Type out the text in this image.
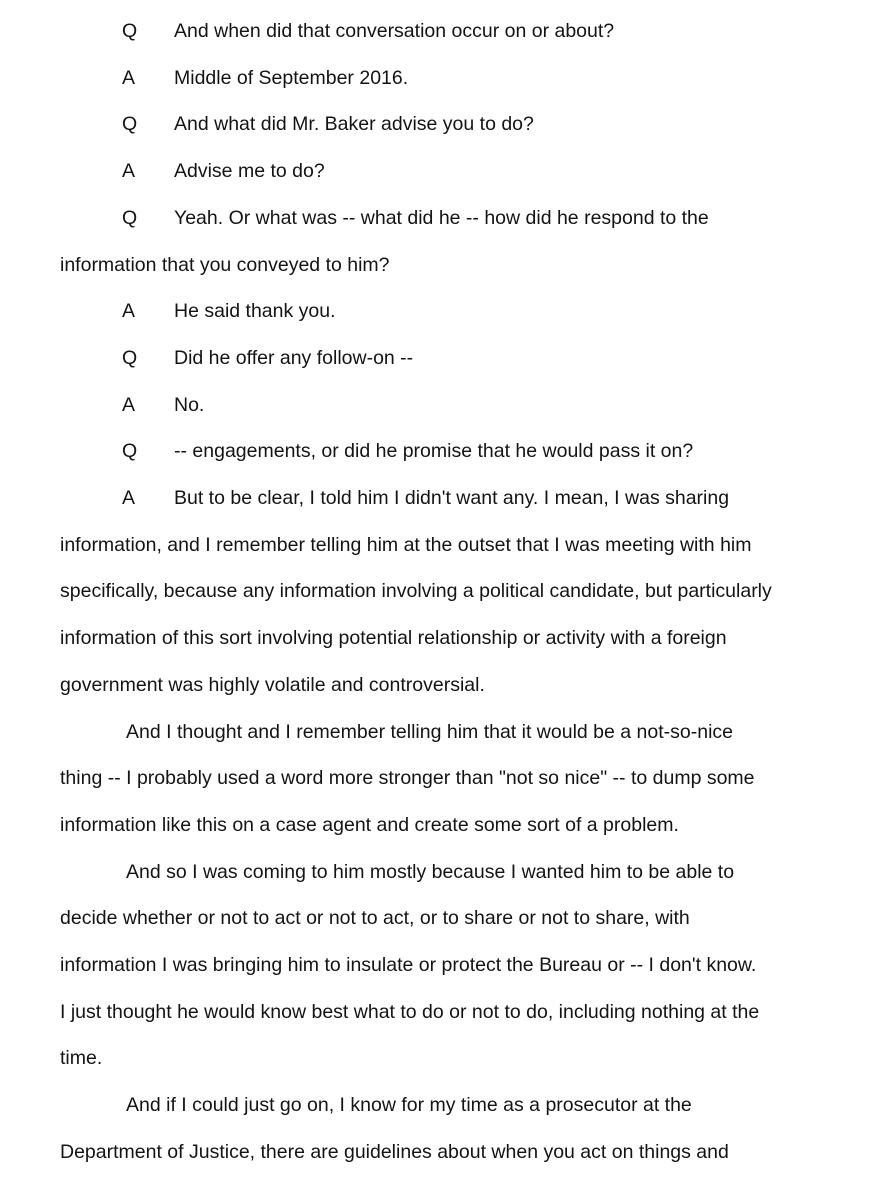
Q And when did that conversation occur on or about?
A Middle of September 2016.
Q And what did Mr. Baker advise you to do?
A Advise me to do?
Q Yeah. Or what was -- what did he -- how did he respond to the
information that you conveyed to him?
A He said thank you.
Q Did he offer any follow-on --
A No.
Q -- engagements, or did he promise that he would pass it on?
A But to be clear, I told him I didn't want any. I mean, I was sharing
information, and I remember telling him at the outset that I was meeting with him
specifically, because any information involving a political candidate, but particularly
information of this sort involving potential relationship or activity with a foreign
government was highly volatile and controversial.
And I thought and I remember telling him that it would be a not-so-nice
thing -- I probably used a word more stronger than "not so nice" -- to dump some
information like this on a case agent and create some sort of a problem.
And so I was coming to him mostly because I wanted him to be able to
decide whether or not to act or not to act, or to share or not to share, with
information I was bringing him to insulate or protect the Bureau or -- I don't know.
I just thought he would know best what to do or not to do, including nothing at the
time.
And if I could just go on, I know for my time as a prosecutor at the
Department of Justice, there are guidelines about when you act on things and
